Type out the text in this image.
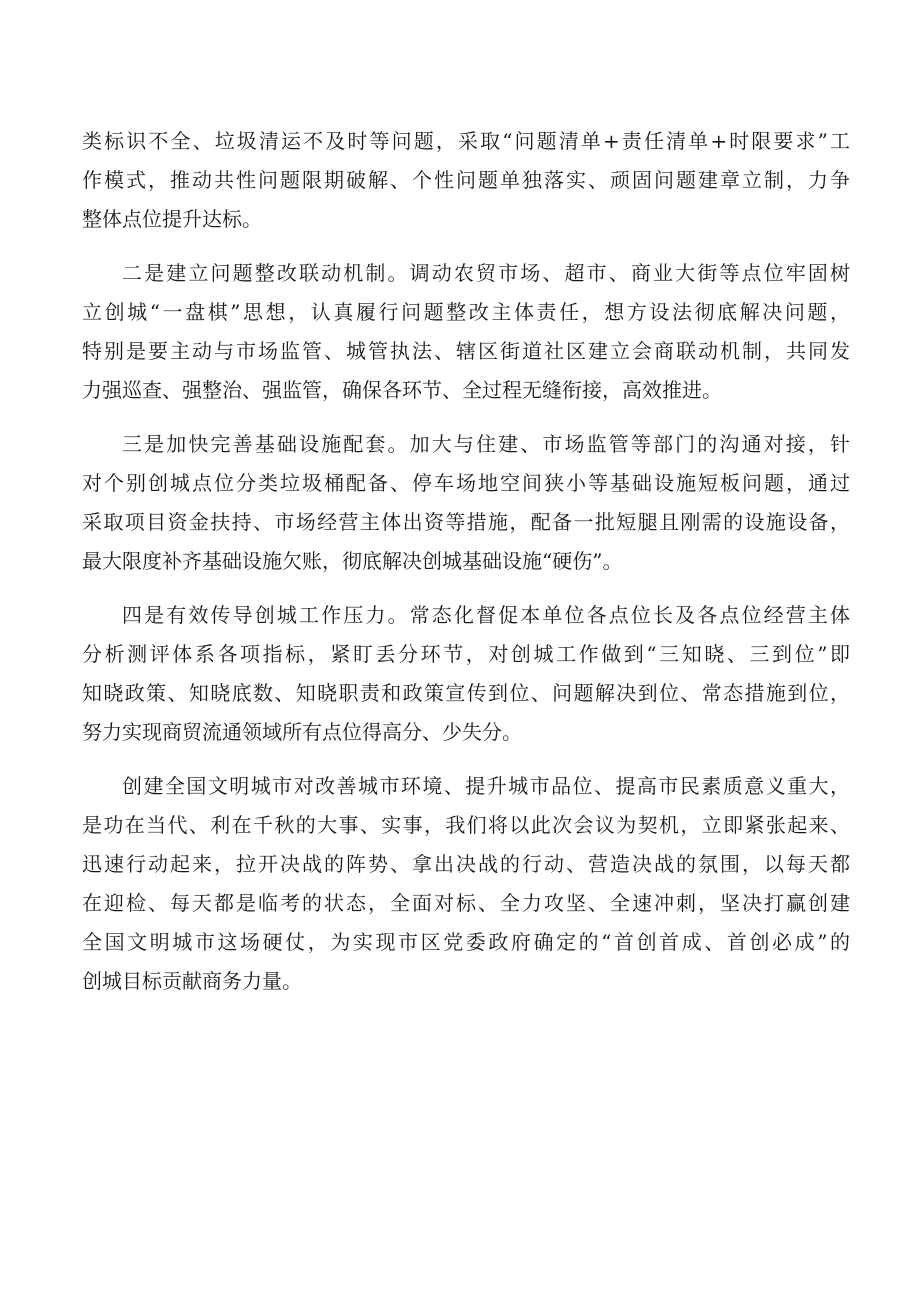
类标识不全、垃圾清运不及时等问题，采取“问题清单+责任清单+时限要求”工
作模式，推动共性问题限期破解、个性问题单独落实、顽固问题建章立制，力争
整体点位提升达标。
二是建立问题整改联动机制。调动农贸市场、超市、商业大街等点位牢固树
立创城“一盘棋”思想，认真履行问题整改主体责任，想方设法彻底解决问题，
特别是要主动与市场监管、城管执法、辖区街道社区建立会商联动机制，共同发
力强巡查、强整治、强监管，确保各环节、全过程无缝衔接，高效推进。
三是加快完善基础设施配套。加大与住建、市场监管等部门的沟通对接，针
对个别创城点位分类垃圾桶配备、停车场地空间狭小等基础设施短板问题，通过
采取项目资金扶持、市场经营主体出资等措施，配备一批短腿且刚需的设施设备，
最大限度补齐基础设施欠账，彻底解决创城基础设施“硬伤”。
四是有效传导创城工作压力。常态化督促本单位各点位长及各点位经营主体
分析测评体系各项指标，紧盯丢分环节，对创城工作做到“三知晓、三到位”即
知晓政策、知晓底数、知晓职责和政策宣传到位、问题解决到位、常态措施到位，
努力实现商贸流通领域所有点位得高分、少失分。
创建全国文明城市对改善城市环境、提升城市品位、提高市民素质意义重大，
是功在当代、利在千秋的大事、实事，我们将以此次会议为契机，立即紧张起来、
迅速行动起来，拉开决战的阵势、拿出决战的行动、营造决战的氛围，以每天都
在迎检、每天都是临考的状态，全面对标、全力攻坚、全速冲刺，坚决打赢创建
全国文明城市这场硬仗，为实现市区党委政府确定的“首创首成、首创必成”的
创城目标贡献商务力量。
